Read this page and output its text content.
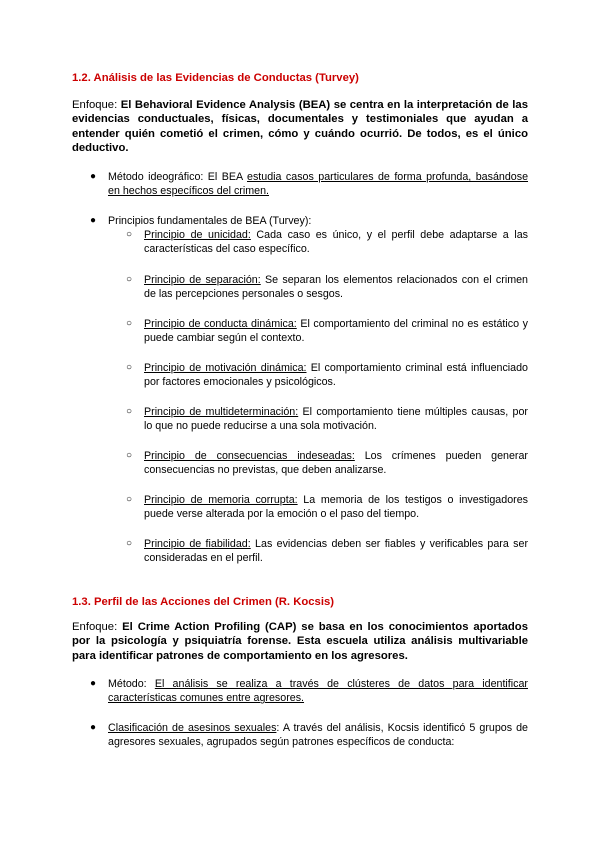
1.2. Análisis de las Evidencias de Conductas (Turvey)
Enfoque: El Behavioral Evidence Analysis (BEA) se centra en la interpretación de las evidencias conductuales, físicas, documentales y testimoniales que ayudan a entender quién cometió el crimen, cómo y cuándo ocurrió. De todos, es el único deductivo.
●	Método ideográfico: El BEA estudia casos particulares de forma profunda, basándose en hechos específicos del crimen.
●	Principios fundamentales de BEA (Turvey):
○ Principio de unicidad: Cada caso es único, y el perfil debe adaptarse a las características del caso específico.
○ Principio de separación: Se separan los elementos relacionados con el crimen de las percepciones personales o sesgos.
○ Principio de conducta dinámica: El comportamiento del criminal no es estático y puede cambiar según el contexto.
○ Principio de motivación dinámica: El comportamiento criminal está influenciado por factores emocionales y psicológicos.
○ Principio de multideterminación: El comportamiento tiene múltiples causas, por lo que no puede reducirse a una sola motivación.
○ Principio de consecuencias indeseadas: Los crímenes pueden generar consecuencias no previstas, que deben analizarse.
○ Principio de memoria corrupta: La memoria de los testigos o investigadores puede verse alterada por la emoción o el paso del tiempo.
○ Principio de fiabilidad: Las evidencias deben ser fiables y verificables para ser consideradas en el perfil.
1.3. Perfil de las Acciones del Crimen (R. Kocsis)
Enfoque: El Crime Action Profiling (CAP) se basa en los conocimientos aportados por la psicología y psiquiatría forense. Esta escuela utiliza análisis multivariable para identificar patrones de comportamiento en los agresores.
●	Método: El análisis se realiza a través de clústeres de datos para identificar características comunes entre agresores.
●	Clasificación de asesinos sexuales: A través del análisis, Kocsis identificó 5 grupos de agresores sexuales, agrupados según patrones específicos de conducta:
